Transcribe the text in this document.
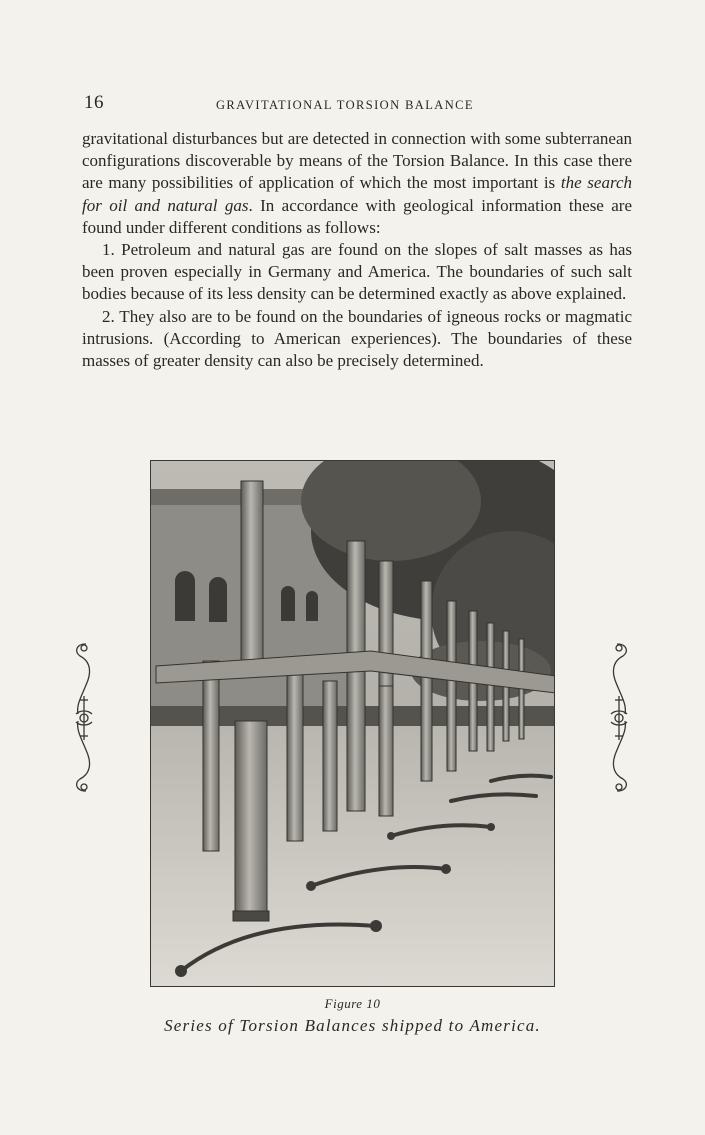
16	GRAVITATIONAL TORSION BALANCE

gravitational disturbances but are detected in connection with some subterranean configurations discoverable by means of the Torsion Balance. In this case there are many possibilities of application of which the most important is the search for oil and natural gas. In accordance with geological information these are found under different conditions as follows:

1. Petroleum and natural gas are found on the slopes of salt masses as has been proven especially in Germany and America. The boundaries of such salt bodies because of its less density can be determined exactly as above explained.

2. They also are to be found on the boundaries of igneous rocks or magmatic intrusions. (According to American experiences). The boundaries of these masses of greater density can also be precisely determined.

Figure 10
Series of Torsion Balances shipped to America.
